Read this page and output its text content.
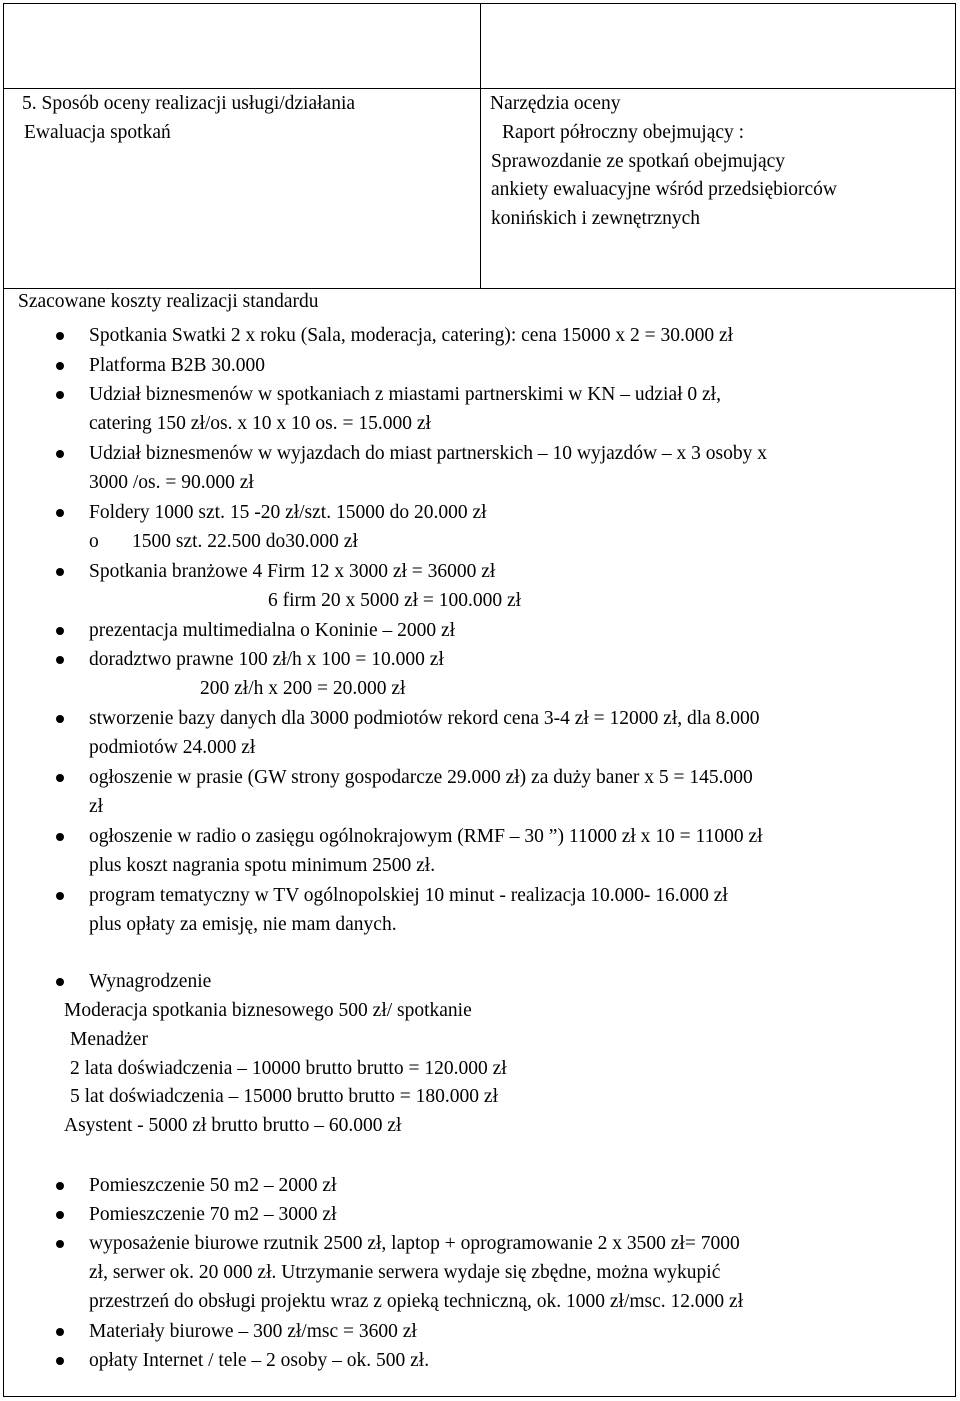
5. Sposób oceny realizacji usługi/działania	Narzędzia oceny
Ewaluacja spotkań	Raport półroczny obejmujący :
Sprawozdanie ze spotkań obejmujący
ankiety ewaluacyjne wśród przedsiębiorców
konińskich i zewnętrznych
Szacowane koszty realizacji standardu
Spotkania Swatki 2 x roku (Sala, moderacja, catering): cena 15000 x 2 = 30.000 zł
Platforma B2B 30.000
Udział biznesmenów w spotkaniach z miastami partnerskimi w KN – udział 0 zł,
catering 150 zł/os. x 10 x 10 os. = 15.000 zł
Udział biznesmenów w wyjazdach do miast partnerskich – 10 wyjazdów – x 3 osoby x
3000 /os. = 90.000 zł
Foldery 1000 szt. 15 -20 zł/szt. 15000 do 20.000 zł
o 1500 szt. 22.500 do30.000 zł
Spotkania branżowe 4 Firm 12 x 3000 zł = 36000 zł
6 firm 20 x 5000 zł = 100.000 zł
prezentacja multimedialna o Koninie – 2000 zł
doradztwo prawne 100 zł/h x 100 = 10.000 zł
200 zł/h x 200 = 20.000 zł
stworzenie bazy danych dla 3000 podmiotów rekord cena 3-4 zł = 12000 zł, dla 8.000
podmiotów 24.000 zł
ogłoszenie w prasie (GW strony gospodarcze 29.000 zł) za duży baner x 5 = 145.000
zł
ogłoszenie w radio o zasięgu ogólnokrajowym (RMF – 30 ”) 11000 zł x 10 = 11000 zł
plus koszt nagrania spotu minimum 2500 zł.
program tematyczny w TV ogólnopolskiej 10 minut - realizacja 10.000- 16.000 zł
plus opłaty za emisję, nie mam danych.
Wynagrodzenie
Moderacja spotkania biznesowego 500 zł/ spotkanie
Menadżer
2 lata doświadczenia – 10000 brutto brutto = 120.000 zł
5 lat doświadczenia – 15000 brutto brutto = 180.000 zł
Asystent - 5000 zł brutto brutto – 60.000 zł
Pomieszczenie 50 m2 – 2000 zł
Pomieszczenie 70 m2 – 3000 zł
wyposażenie biurowe rzutnik 2500 zł, laptop + oprogramowanie 2 x 3500 zł= 7000
zł, serwer ok. 20 000 zł. Utrzymanie serwera wydaje się zbędne, można wykupić
przestrzeń do obsługi projektu wraz z opieką techniczną, ok. 1000 zł/msc. 12.000 zł
Materiały biurowe – 300 zł/msc = 3600 zł
opłaty Internet / tele – 2 osoby – ok. 500 zł.
